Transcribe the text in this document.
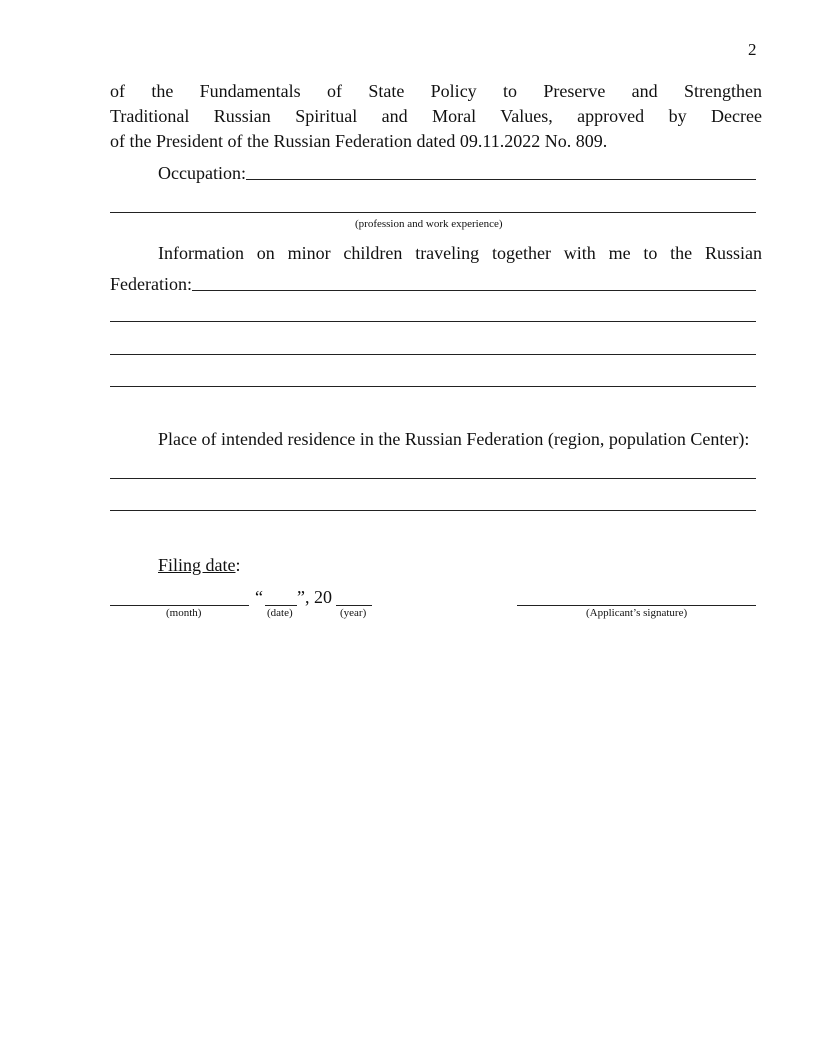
2
of the Fundamentals of State Policy to Preserve and Strengthen
Traditional Russian Spiritual and Moral Values, approved by Decree
of the President of the Russian Federation dated 09.11.2022 No. 809.
Occupation:
(profession and work experience)
Information on minor children traveling together with me to the Russian
Federation:
Place of intended residence in the Russian Federation (region, population Center):
Filing date:
“ ”, 20
(month)	(date)	(year)	(Applicant’s signature)
